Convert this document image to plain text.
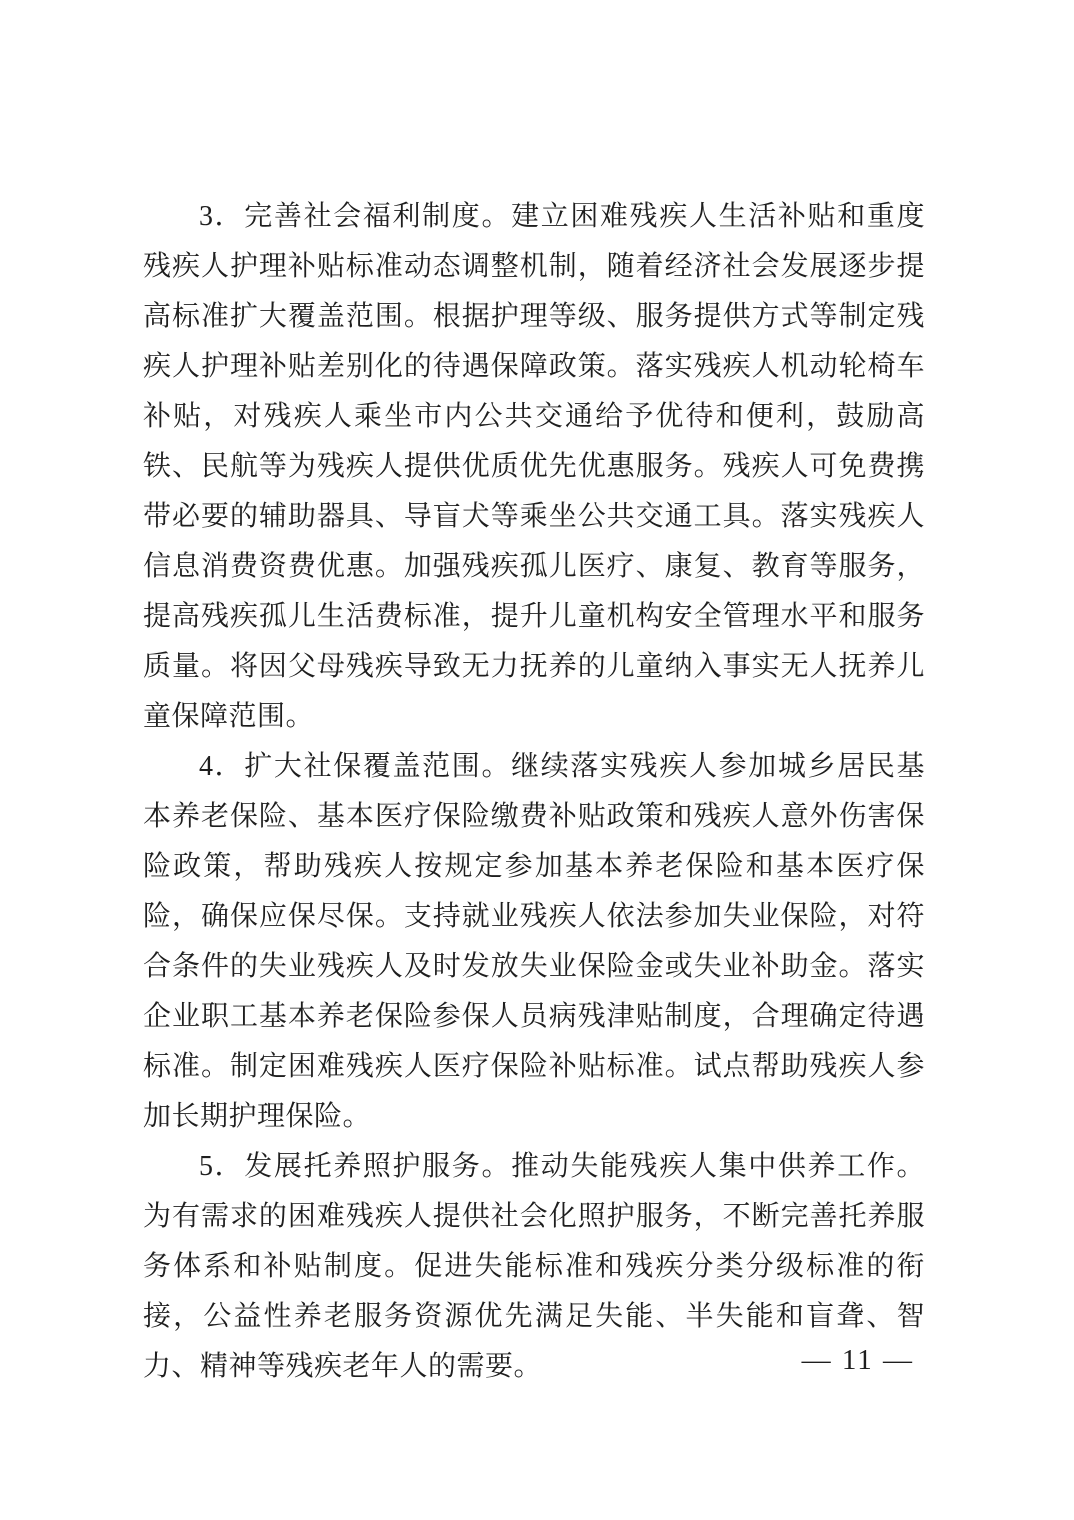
3．完善社会福利制度。建立困难残疾人生活补贴和重度残疾人护理补贴标准动态调整机制，随着经济社会发展逐步提高标准扩大覆盖范围。根据护理等级、服务提供方式等制定残疾人护理补贴差别化的待遇保障政策。落实残疾人机动轮椅车补贴，对残疾人乘坐市内公共交通给予优待和便利，鼓励高铁、民航等为残疾人提供优质优先优惠服务。残疾人可免费携带必要的辅助器具、导盲犬等乘坐公共交通工具。落实残疾人信息消费资费优惠。加强残疾孤儿医疗、康复、教育等服务，提高残疾孤儿生活费标准，提升儿童机构安全管理水平和服务质量。将因父母残疾导致无力抚养的儿童纳入事实无人抚养儿童保障范围。

4．扩大社保覆盖范围。继续落实残疾人参加城乡居民基本养老保险、基本医疗保险缴费补贴政策和残疾人意外伤害保险政策，帮助残疾人按规定参加基本养老保险和基本医疗保险，确保应保尽保。支持就业残疾人依法参加失业保险，对符合条件的失业残疾人及时发放失业保险金或失业补助金。落实企业职工基本养老保险参保人员病残津贴制度，合理确定待遇标准。制定困难残疾人医疗保险补贴标准。试点帮助残疾人参加长期护理保险。

5．发展托养照护服务。推动失能残疾人集中供养工作。为有需求的困难残疾人提供社会化照护服务，不断完善托养服务体系和补贴制度。促进失能标准和残疾分类分级标准的衔接，公益性养老服务资源优先满足失能、半失能和盲聋、智力、精神等残疾老年人的需要。	— 11 —
